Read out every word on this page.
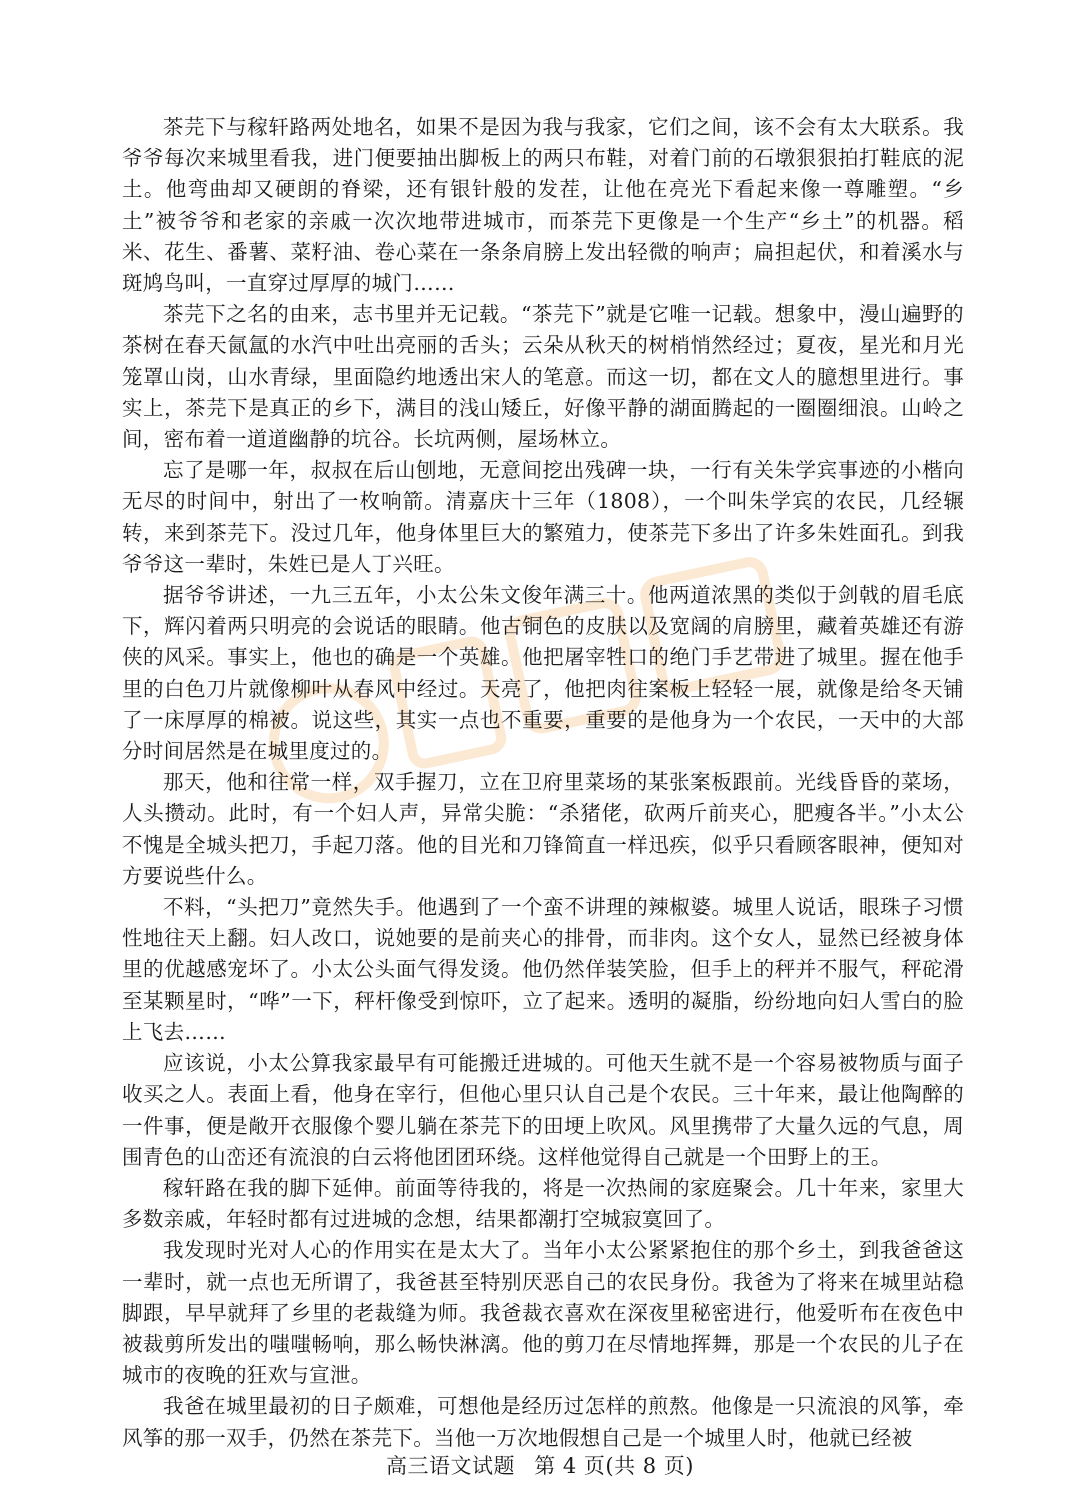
茶芫下与稼轩路两处地名，如果不是因为我与我家，它们之间，该不会有太大联系。我爷爷每次来城里看我，进门便要抽出脚板上的两只布鞋，对着门前的石墩狠狠拍打鞋底的泥土。他弯曲却又硬朗的脊梁，还有银针般的发茬，让他在亮光下看起来像一尊雕塑。“乡土”被爷爷和老家的亲戚一次次地带进城市，而茶芫下更像是一个生产“乡土”的机器。稻米、花生、番薯、菜籽油、卷心菜在一条条肩膀上发出轻微的响声；扁担起伏，和着溪水与斑鸠鸟叫，一直穿过厚厚的城门……

茶芫下之名的由来，志书里并无记载。“茶芫下”就是它唯一记载。想象中，漫山遍野的茶树在春天氤氲的水汽中吐出亮丽的舌头；云朵从秋天的树梢悄然经过；夏夜，星光和月光笼罩山岗，山水青绿，里面隐约地透出宋人的笔意。而这一切，都在文人的臆想里进行。事实上，茶芫下是真正的乡下，满目的浅山矮丘，好像平静的湖面腾起的一圈圈细浪。山岭之间，密布着一道道幽静的坑谷。长坑两侧，屋场林立。

忘了是哪一年，叔叔在后山刨地，无意间挖出残碑一块，一行有关朱学宾事迹的小楷向无尽的时间中，射出了一枚响箭。清嘉庆十三年（1808），一个叫朱学宾的农民，几经辗转，来到茶芫下。没过几年，他身体里巨大的繁殖力，使茶芫下多出了许多朱姓面孔。到我爷爷这一辈时，朱姓已是人丁兴旺。

据爷爷讲述，一九三五年，小太公朱文俊年满三十。他两道浓黑的类似于剑戟的眉毛底下，辉闪着两只明亮的会说话的眼睛。他古铜色的皮肤以及宽阔的肩膀里，藏着英雄还有游侠的风采。事实上，他也的确是一个英雄。他把屠宰牲口的绝门手艺带进了城里。握在他手里的白色刀片就像柳叶从春风中经过。天亮了，他把肉往案板上轻轻一展，就像是给冬天铺了一床厚厚的棉被。说这些，其实一点也不重要，重要的是他身为一个农民，一天中的大部分时间居然是在城里度过的。

那天，他和往常一样，双手握刀，立在卫府里菜场的某张案板跟前。光线昏昏的菜场，人头攒动。此时，有一个妇人声，异常尖脆：“杀猪佬，砍两斤前夹心，肥瘦各半。”小太公不愧是全城头把刀，手起刀落。他的目光和刀锋简直一样迅疾，似乎只看顾客眼神，便知对方要说些什么。

不料，“头把刀”竟然失手。他遇到了一个蛮不讲理的辣椒婆。城里人说话，眼珠子习惯性地往天上翻。妇人改口，说她要的是前夹心的排骨，而非肉。这个女人，显然已经被身体里的优越感宠坏了。小太公头面气得发烫。他仍然佯装笑脸，但手上的秤并不服气，秤砣滑至某颗星时，“哗”一下，秤杆像受到惊吓，立了起来。透明的凝脂，纷纷地向妇人雪白的脸上飞去……

应该说，小太公算我家最早有可能搬迁进城的。可他天生就不是一个容易被物质与面子收买之人。表面上看，他身在宰行，但他心里只认自己是个农民。三十年来，最让他陶醉的一件事，便是敞开衣服像个婴儿躺在茶芫下的田埂上吹风。风里携带了大量久远的气息，周围青色的山峦还有流浪的白云将他团团环绕。这样他觉得自己就是一个田野上的王。

稼轩路在我的脚下延伸。前面等待我的，将是一次热闹的家庭聚会。几十年来，家里大多数亲戚，年轻时都有过进城的念想，结果都潮打空城寂寞回了。

我发现时光对人心的作用实在是太大了。当年小太公紧紧抱住的那个乡土，到我爸爸这一辈时，就一点也无所谓了，我爸甚至特别厌恶自己的农民身份。我爸为了将来在城里站稳脚跟，早早就拜了乡里的老裁缝为师。我爸裁衣喜欢在深夜里秘密进行，他爱听布在夜色中被裁剪所发出的嗤嗤畅响，那么畅快淋漓。他的剪刀在尽情地挥舞，那是一个农民的儿子在城市的夜晚的狂欢与宣泄。

我爸在城里最初的日子颇难，可想他是经历过怎样的煎熬。他像是一只流浪的风筝，牵风筝的那一双手，仍然在茶芫下。当他一万次地假想自己是一个城里人时，他就已经被

高三语文试题 第 4 页(共 8 页)
